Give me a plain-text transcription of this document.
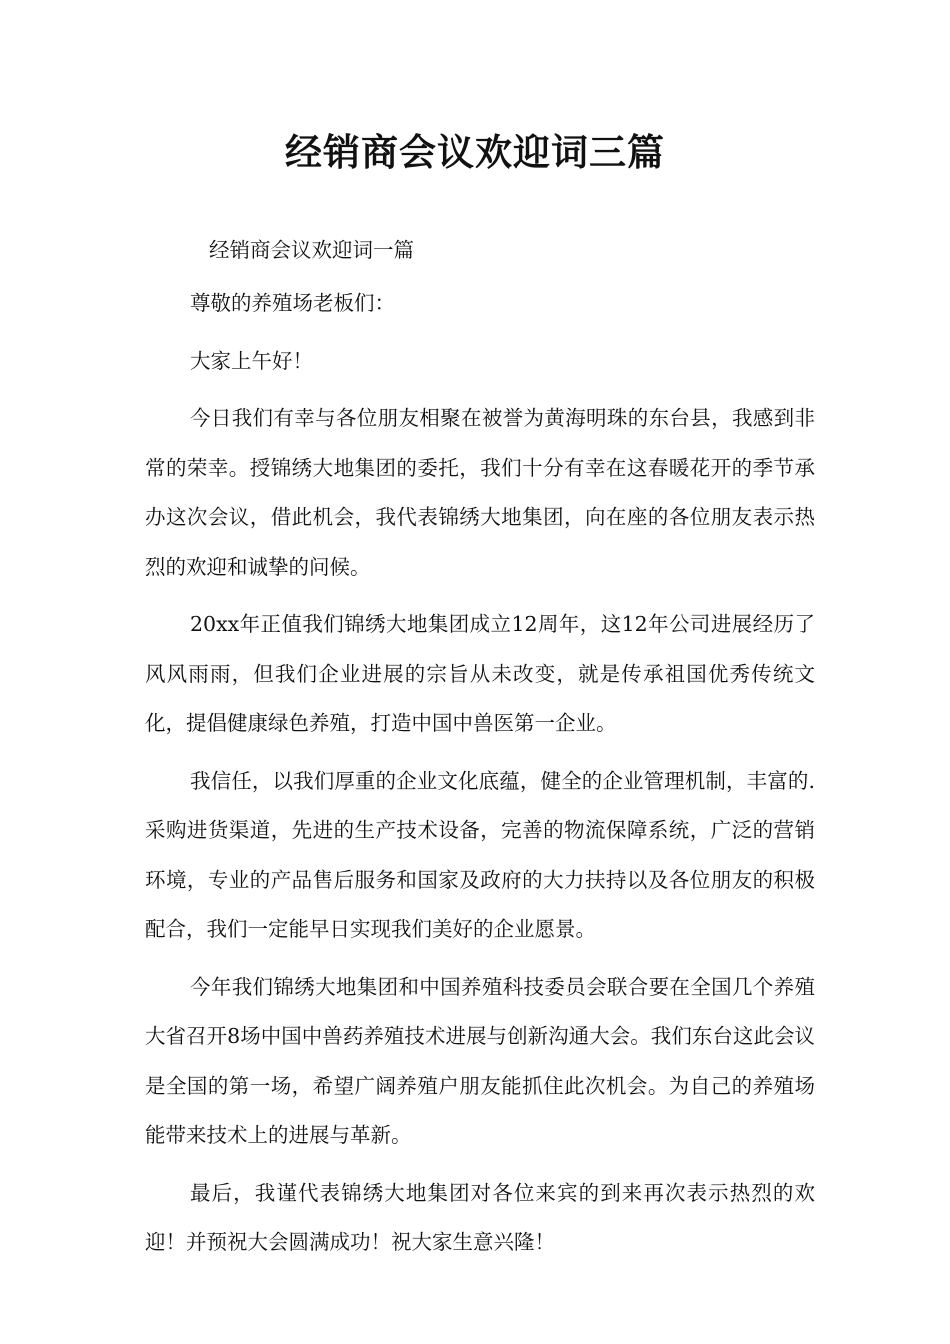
经销商会议欢迎词三篇

经销商会议欢迎词一篇

尊敬的养殖场老板们：

大家上午好！

今日我们有幸与各位朋友相聚在被誉为黄海明珠的东台县，我感到非常的荣幸。授锦绣大地集团的委托，我们十分有幸在这春暖花开的季节承办这次会议，借此机会，我代表锦绣大地集团，向在座的各位朋友表示热烈的欢迎和诚挚的问候。

20xx年正值我们锦绣大地集团成立12周年，这12年公司进展经历了风风雨雨，但我们企业进展的宗旨从未改变，就是传承祖国优秀传统文化，提倡健康绿色养殖，打造中国中兽医第一企业。

我信任，以我们厚重的企业文化底蕴，健全的企业管理机制，丰富的.采购进货渠道，先进的生产技术设备，完善的物流保障系统，广泛的营销环境，专业的产品售后服务和国家及政府的大力扶持以及各位朋友的积极配合，我们一定能早日实现我们美好的企业愿景。

今年我们锦绣大地集团和中国养殖科技委员会联合要在全国几个养殖大省召开8场中国中兽药养殖技术进展与创新沟通大会。我们东台这此会议是全国的第一场，希望广阔养殖户朋友能抓住此次机会。为自己的养殖场能带来技术上的进展与革新。

最后，我谨代表锦绣大地集团对各位来宾的到来再次表示热烈的欢迎！并预祝大会圆满成功！祝大家生意兴隆！
